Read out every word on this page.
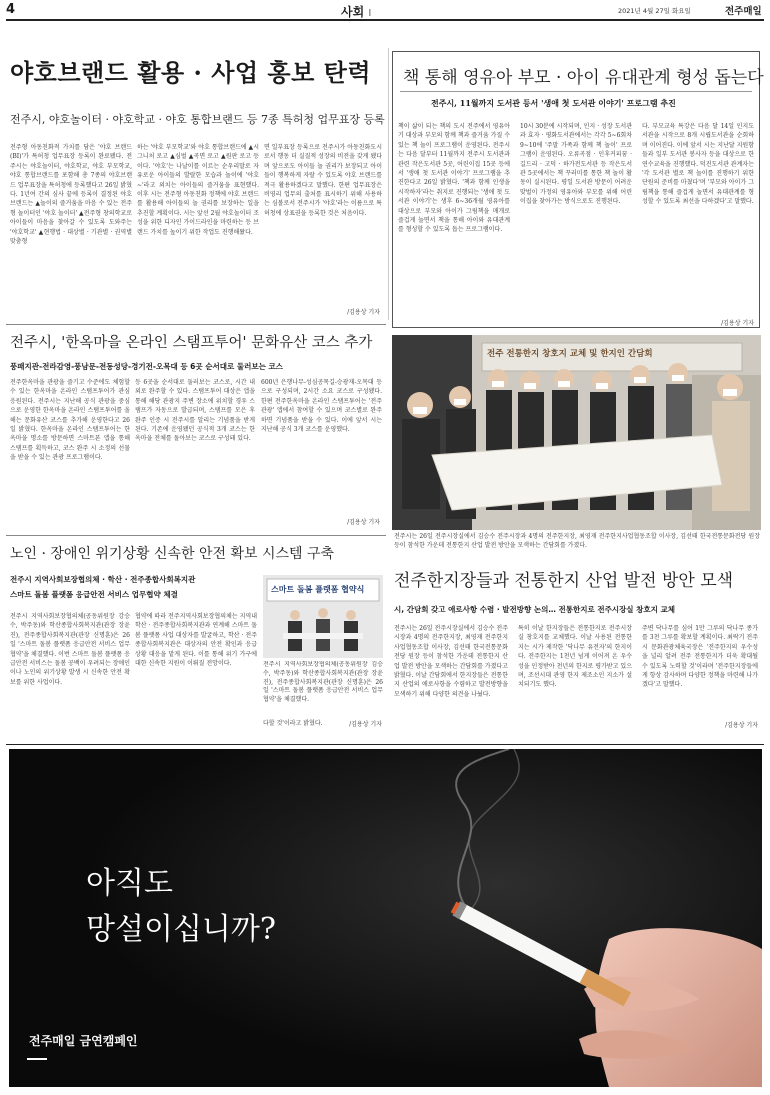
4	사회 I	2021년 4월 27일 화요일	전주매일
야호브랜드 활용 · 사업 홍보 탄력
전주시, 야호놀이터 · 야호학교 · 야호 통합브랜드 등 7종 특허청 업무표장 등록
전주형 아동친화적 가치를 담은 '야호 브랜드(BI)'가 특허청 업무표장 등록이 완료됐다. 전주시는 야호놀이터, 야호학교, 야호 부모학교, 야호 통합브랜드를 포함해 총 7종의 야호브랜드 업무표장을 특허청에 등록했다고 26일 밝혔다. 1년여 간의 심사 끝에 등록이 결정된 야호브랜드는 ▲놀이의 즐거움을 마음 수 있는 전주형 놀이터인 '야호 놀이터' ▲전주형 창의학교로 아이들이 마음을 찾아갈 수 있도록 도와주는 '야호학교' ▲현행법 · 대상별 · 기관별 · 권역별 맞춤형
하는 '야호 부모학교'와 야호 통합브랜드에 ▲시그니처 로고 ▲심벌 ▲곡면 로고 ▲원판 로고 등이다. '야호'는 나날이를 이르는 순우리말로 자유로운 아이들의 발랄한 모습과 놀이에 '야호~'라고 외치는 아이들의 즐거움을 표현했다. 이후 시는 전주형 아동친화 정책에 야호 브랜드를 활용해 아이들의 놀 권리를 보장하는 일을 추진할 계획이다. 시는 앞선 2월 야호놀이터 조성을 위한 디자인 가이드라인을 마련하는 등 브랜드 가치를 높이기 위한 작업도 진행해왔다.
면 일부표장 등록으로 전주시가 아동친화도시로서 행동 더 실질적 성장의 비전을 갖게 됐다며 앞으로도 아이들 놀 권리가 보장되고 아이들이 행복하게 자랄 수 있도록 야호 브랜드를 적극 활용하겠다고 말했다. 한편 업무표장은 비영리 업무의 출처를 표시하기 위해 사용하는 심볼로서 전주시가 '야호'라는 이름으로 특허청에 상표권을 등록한 것은 처음이다.
/김용상 기자
책 통해 영유아 부모 · 아이 유대관계 형성 돕는다
전주시, 11월까지 도서관 등서 '생애 첫 도서관 이야기' 프로그램 추진
책이 삶이 되는 책의 도시 전주에서 영유아기 대상과 부모의 함께 책과 즐거움 가질 수 있는 책 놀이 프로그램이 운영된다. 전주시는 다음 달부터 11월까지 전주시 도서관과 관련 작은도서관 5곳, 어린이집 15곳 등에서 '생애 첫 도서관 이야기' 프로그램을 추진한다고 26일 밝혔다. '책과 함께 인생을 시작하자'라는 취지로 진행되는 '생애 첫 도서관 이야기'는 생후 6~36개월 영유아를 대상으로 부모와 아이가 그림책을 매개로 즐겁게 놀면서 책을 통해 아이와 유대관계를 형성할 수 있도록 돕는 프로그램이다.
10시 30분에 시작되며, 인지 · 성장 도서관과 효자 · 평화도서관에서는 각각 5~6회차 9~10에 '주말 가족과 함께 책 놀이' 프로그램이 운영된다. 오류곡점 · 인후커피꿈 · 길드리 · 고덕 · 하가전도서관 등 작은도서관 5곳에서는 책 꾸러미를 통한 책 놀이 활동이 실시된다. 평일 도서관 방문이 어려운 맞벌이 가정의 영유아와 부모를 위해 어린이집을 찾아가는 방식으로도 진행된다.
다. 부모교육 특강은 다음 달 14일 인지도서관을 시작으로 8개 시립도서관을 순회하며 이어진다. 이에 앞서 시는 지난달 지원함들과 일부 도서관 봉사자 등을 대상으로 한 연수교육을 진행했다. 덕진도서관 관계자는 '각 도서관 별로 책 놀이를 진행하기 위한 단원의 준비를 마쳤다'며 '부모와 아이가 그림책을 통해 즐겁게 놀면서 유대관계를 형성할 수 있도록 최선을 다하겠다'고 말했다.
/김용상 기자
전주시, '한옥마을 온라인 스탬프투어' 문화유산 코스 추가
풍패지관-전라감영-풍남문-전동성당-경기전-오목대 등 6곳 순서대로 둘러보는 코스
전주한옥마을 관광을 즐기고 수준에도 체험할 수 있는 한옥마을 온라인 스탬프투어가 관심 응원된다. 전주시는 지난해 공식 관광을 중심으로 운영한 한옥마을 온라인 스탬프투어를 올해는 문화유산 코스를 추가해 운영한다고 26일 밝혔다. 한옥마을 온라인 스탬프투어는 한옥마을 명소를 방문하면 스마트폰 앱을 통해 스탬프를 획득하고, 코스 완주 시 소정의 선물을 받을 수 있는 관광 프로그램이다.
등 6곳을 순서대로 둘러보는 코스로, 시간 내외로 완주할 수 있다. 스탬프투어 대상은 앱을 통해 해당 관광지 주변 장소에 위치할 경우 스탬프가 자동으로 발급되며, 스탬프를 모은 후 완주 인증 시 전주시를 알리는 기념품을 받게 된다. 기존에 운영됐던 공식적 3개 코스는 한옥마을 전체를 돌아보는 코스로 구성돼 있다.
600년 은행나무-성심공목길-승광재-오목대 등으로 구성되며, 2시간 소요 코스로 구성됐다. 한편 전주한옥마을 온라인 스탬프투어는 '전주관광' 앱에서 참여할 수 있으며 코스별로 완주하면 기념품을 받을 수 있다. 이에 앞서 시는 지난해 공식 3개 코스를 운영했다.
/김용상 기자
전주 전통한지 창호지 교체 및 한지인 간담회
전주시는 26일 전주시장실에서 김승수 전주시장과 4명의 전주한지장, 최영재 전주한지사업협동조합 이사장, 김선태 한국전통문화전당 원장 등이 참석한 가운데 전통한지 산업 발전 방안을 모색하는 간담회를 가졌다.
노인 · 장애인 위기상황 신속한 안전 확보 시스템 구축
전주시 지역사회보장협의체 · 학산 · 전주종합사회복지관
스마트 돌봄 플랫폼 응급안전 서비스 업무협약 체결
전주시 지역사회보장협의체(공동위원장 강승수, 박주동)와 학산종합사회복지관(관장 장윤진), 전주종합사회복지관(관장 신명훈)은 26일 '스마트 돌봄 플랫폼 응급안전 서비스 업무협약'을 체결했다. 이번 스마트 돌봄 플랫폼 응급안전 서비스는 돌봄 공백이 우려되는 장애인이나 노인의 위기상황 발생 시 신속한 안전 확보를 위한 사업이다.
협약에 따라 전주지역사회보장협의체는 지역내 학산 · 전주종합사회복지관과 연계해 스마트 돌봄 플랫폼 사업 대상자를 발굴하고, 학산 · 전주종합사회복지관은 대상자의 안전 확인과 응급 상황 대응을 맡게 된다. 이를 통해 위기 가구에 대한 신속한 지원이 이뤄질 전망이다.
스마트 돌봄 플랫폼 협약식
전주시 지역사회보장협의체(공동위원장 김승수, 박주동)와 학산종합사회복지관(관장 장윤진), 전주종합사회복지관(관장 신명훈)은 26일 '스마트 돌봄 플랫폼 응급안전 서비스 업무협약'을 체결했다.
다할 것'이라고 밝혔다.	/김용상 기자
전주한지장들과 전통한지 산업 발전 방안 모색
시, 간담회 갖고 애로사항 수렴 · 발전방향 논의… 전통한지로 전주시장실 창호지 교체
전주시는 26일 전주시장실에서 김승수 전주시장과 4명의 전주한지장, 최영재 전주한지사업협동조합 이사장, 김선태 한국전통문화전당 원장 등이 참석한 가운데 전통한지 산업 발전 방안을 모색하는 간담회를 가졌다고 밝혔다. 이날 간담회에서 한지장들은 전통한지 산업의 애로사항을 수렴하고 발전방향을 모색하기 위해 다양한 의견을 나눴다.
특히 이날 한지장들은 전통한지로 전주시장실 창호지를 교체했다. 이날 사용된 전통한지는 시가 제작한 '닥나무 유전자'의 한지이다. 전주한지는 1천년 넘게 이어져 온 우수성을 인정받아 천년의 한지로 평가받고 있으며, 조선시대 관영 한지 제조소인 지소가 설치되기도 했다.
주변 닥나무를 심어 1만 그루의 닥나무 종가를 3천 그루를 확보할 계획이다. 최락기 전주시 문화관광체육국장은 '전주한지의 우수성을 널리 알려 전주 전통한지가 더욱 확대될 수 있도록 노력할 것'이라며 '전주한지장들에게 항상 감사하며 다양한 정책을 마련해 나가겠다'고 말했다.
/김용상 기자
아직도
망설이십니까?
전주매일 금연캠페인
